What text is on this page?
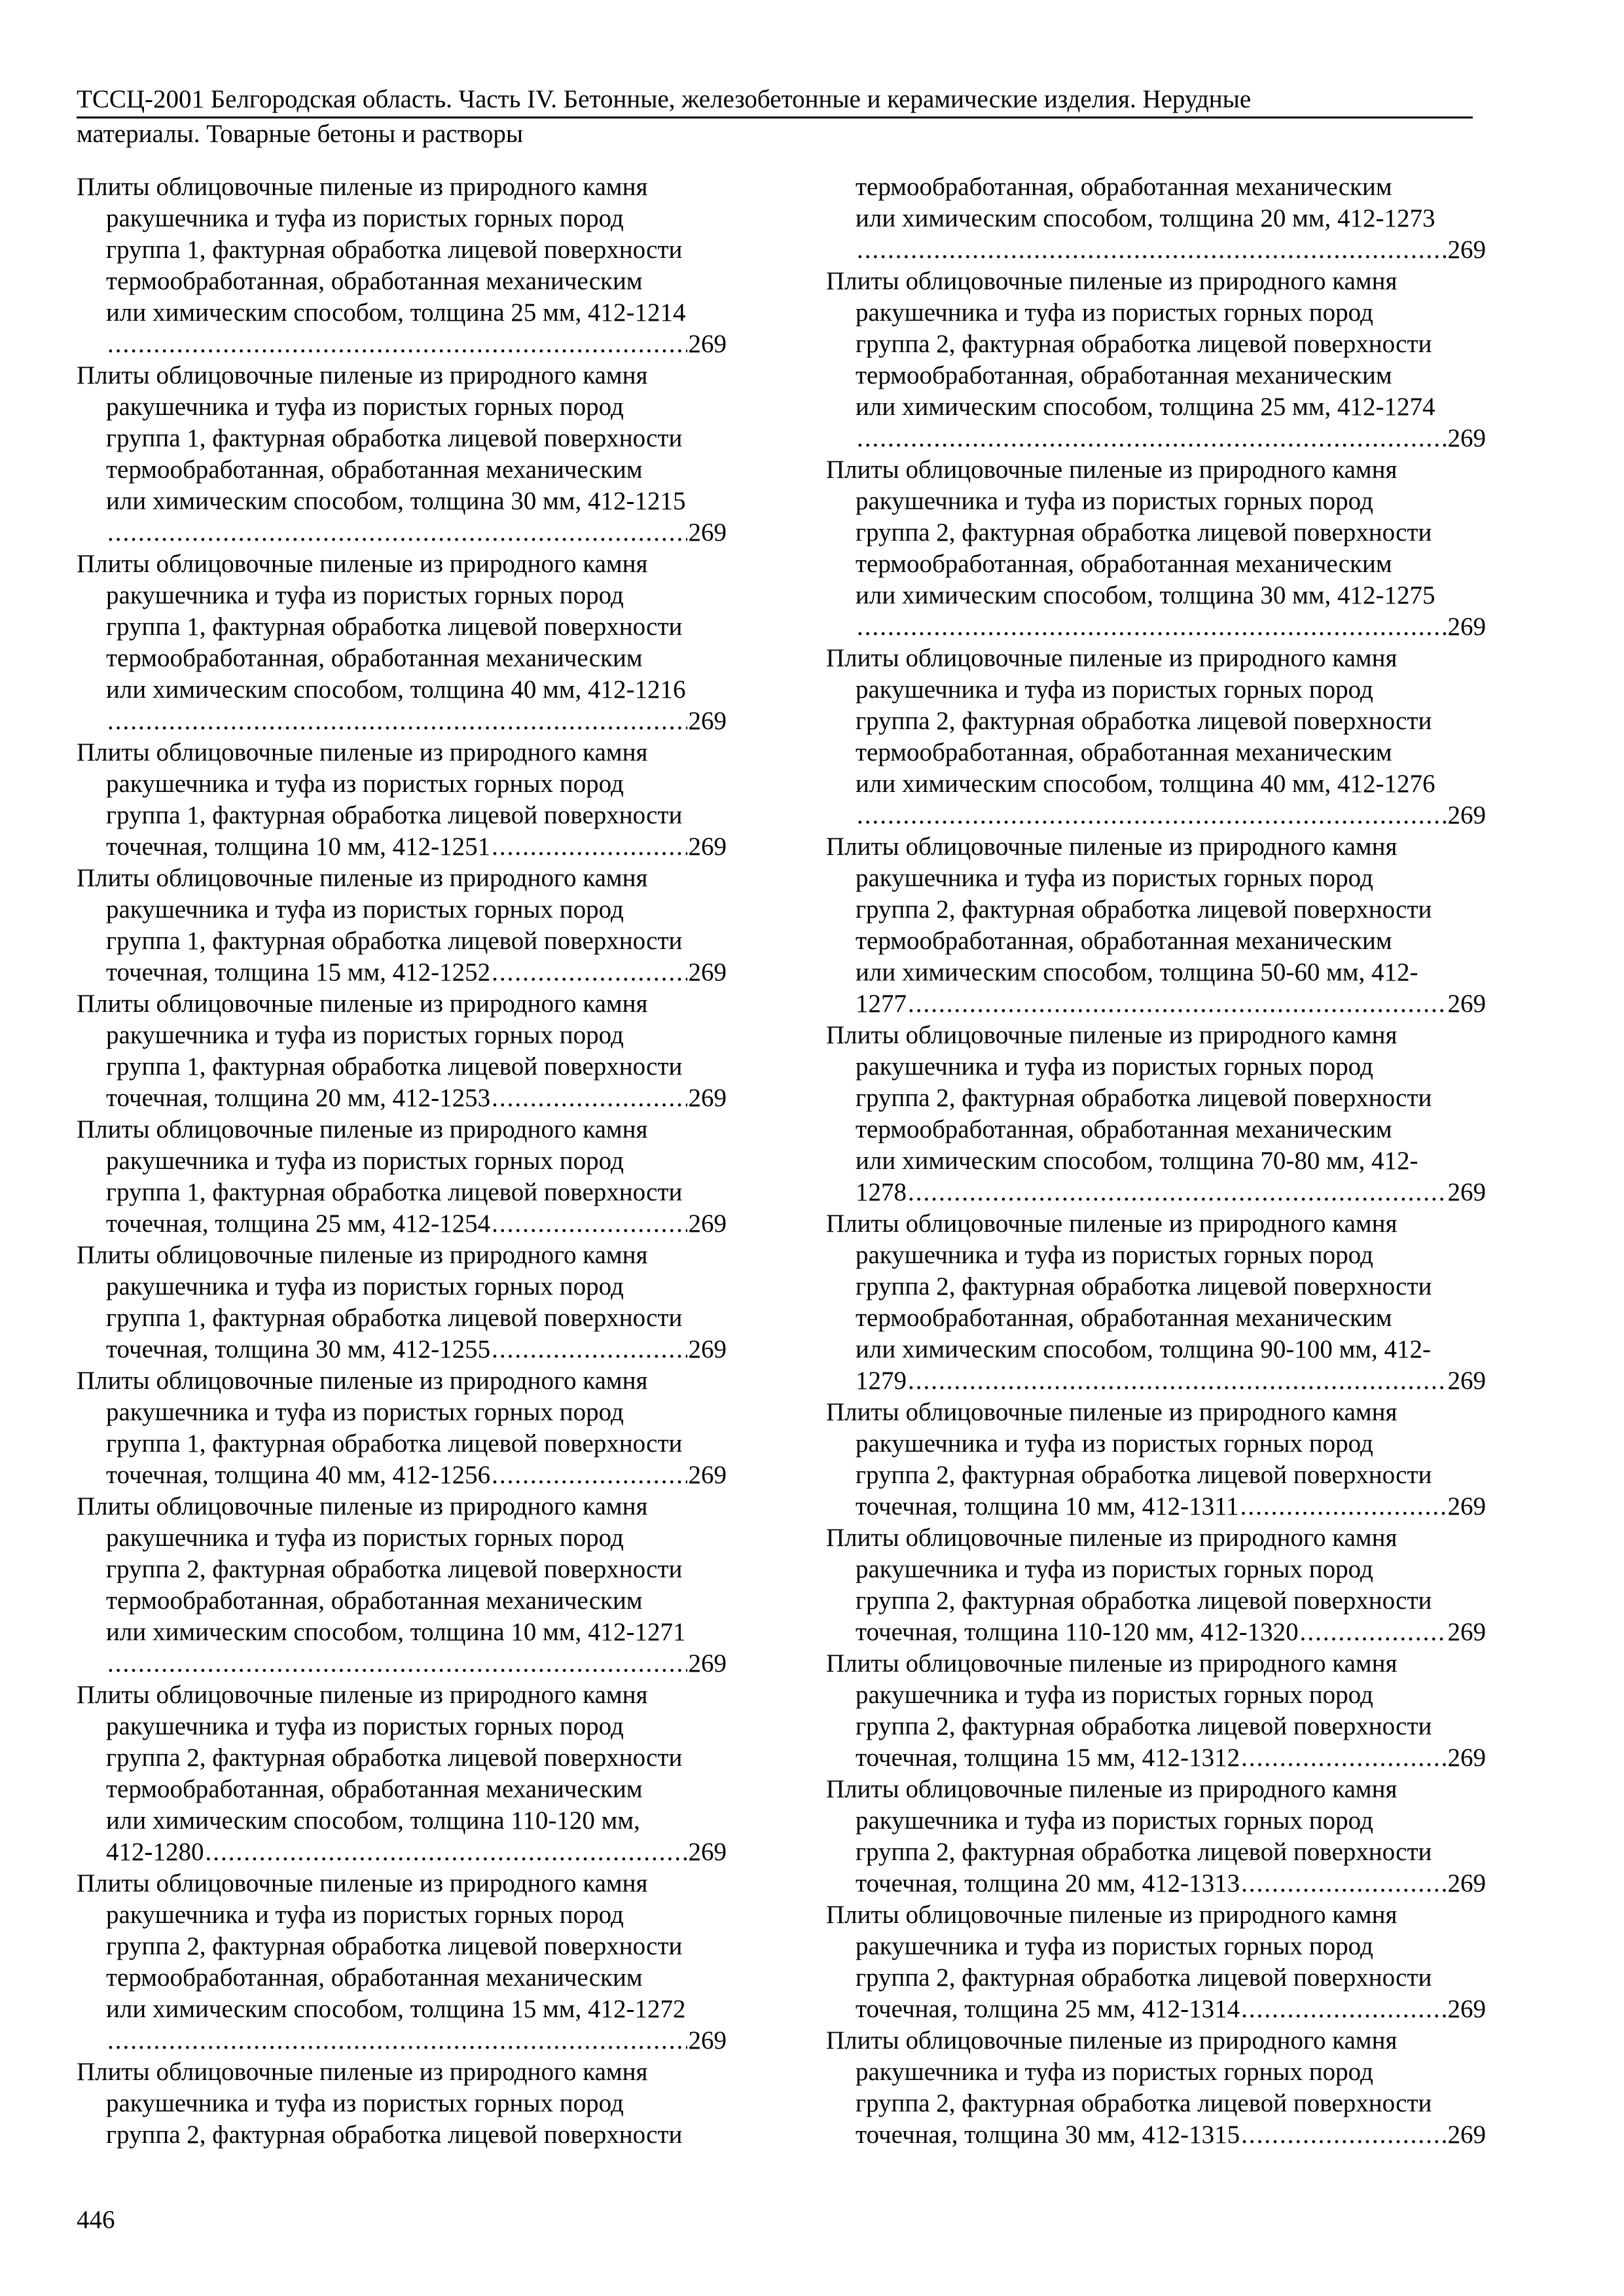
ТССЦ-2001 Белгородская область. Часть IV. Бетонные, железобетонные и керамические изделия. Нерудные
материалы. Товарные бетоны и растворы
Плиты облицовочные пиленые из природного камня
ракушечника и туфа из пористых горных пород
группа 1, фактурная обработка лицевой поверхности
термообработанная, обработанная механическим
или химическим способом, толщина 25 мм, 412-1214
.....
269
Плиты облицовочные пиленые из природного камня
ракушечника и туфа из пористых горных пород
группа 1, фактурная обработка лицевой поверхности
термообработанная, обработанная механическим
или химическим способом, толщина 30 мм, 412-1215
.....
269
Плиты облицовочные пиленые из природного камня
ракушечника и туфа из пористых горных пород
группа 1, фактурная обработка лицевой поверхности
термообработанная, обработанная механическим
или химическим способом, толщина 40 мм, 412-1216
.....
269
Плиты облицовочные пиленые из природного камня
ракушечника и туфа из пористых горных пород
группа 1, фактурная обработка лицевой поверхности
точечная, толщина 10 мм, 412-1251 .....	269
Плиты облицовочные пиленые из природного камня
ракушечника и туфа из пористых горных пород
группа 1, фактурная обработка лицевой поверхности
точечная, толщина 15 мм, 412-1252 .....	269
Плиты облицовочные пиленые из природного камня
ракушечника и туфа из пористых горных пород
группа 1, фактурная обработка лицевой поверхности
точечная, толщина 20 мм, 412-1253 .....	269
Плиты облицовочные пиленые из природного камня
ракушечника и туфа из пористых горных пород
группа 1, фактурная обработка лицевой поверхности
точечная, толщина 25 мм, 412-1254 .....	269
Плиты облицовочные пиленые из природного камня
ракушечника и туфа из пористых горных пород
группа 1, фактурная обработка лицевой поверхности
точечная, толщина 30 мм, 412-1255 .....	269
Плиты облицовочные пиленые из природного камня
ракушечника и туфа из пористых горных пород
группа 1, фактурная обработка лицевой поверхности
точечная, толщина 40 мм, 412-1256 .....	269
Плиты облицовочные пиленые из природного камня
ракушечника и туфа из пористых горных пород
группа 2, фактурная обработка лицевой поверхности
термообработанная, обработанная механическим
или химическим способом, толщина 10 мм, 412-1271
.....
269
Плиты облицовочные пиленые из природного камня
ракушечника и туфа из пористых горных пород
группа 2, фактурная обработка лицевой поверхности
термообработанная, обработанная механическим
или химическим способом, толщина 110-120 мм,
412-1280 .....	269
Плиты облицовочные пиленые из природного камня
ракушечника и туфа из пористых горных пород
группа 2, фактурная обработка лицевой поверхности
термообработанная, обработанная механическим
или химическим способом, толщина 15 мм, 412-1272
.....
269
Плиты облицовочные пиленые из природного камня
ракушечника и туфа из пористых горных пород
группа 2, фактурная обработка лицевой поверхности
термообработанная, обработанная механическим
или химическим способом, толщина 20 мм, 412-1273
.....
269
Плиты облицовочные пиленые из природного камня
ракушечника и туфа из пористых горных пород
группа 2, фактурная обработка лицевой поверхности
термообработанная, обработанная механическим
или химическим способом, толщина 25 мм, 412-1274
.....
269
Плиты облицовочные пиленые из природного камня
ракушечника и туфа из пористых горных пород
группа 2, фактурная обработка лицевой поверхности
термообработанная, обработанная механическим
или химическим способом, толщина 30 мм, 412-1275
.....
269
Плиты облицовочные пиленые из природного камня
ракушечника и туфа из пористых горных пород
группа 2, фактурная обработка лицевой поверхности
термообработанная, обработанная механическим
или химическим способом, толщина 40 мм, 412-1276
.....
269
Плиты облицовочные пиленые из природного камня
ракушечника и туфа из пористых горных пород
группа 2, фактурная обработка лицевой поверхности
термообработанная, обработанная механическим
или химическим способом, толщина 50-60 мм, 412-
1277 .....	269
Плиты облицовочные пиленые из природного камня
ракушечника и туфа из пористых горных пород
группа 2, фактурная обработка лицевой поверхности
термообработанная, обработанная механическим
или химическим способом, толщина 70-80 мм, 412-
1278 .....	269
Плиты облицовочные пиленые из природного камня
ракушечника и туфа из пористых горных пород
группа 2, фактурная обработка лицевой поверхности
термообработанная, обработанная механическим
или химическим способом, толщина 90-100 мм, 412-
1279 .....	269
Плиты облицовочные пиленые из природного камня
ракушечника и туфа из пористых горных пород
группа 2, фактурная обработка лицевой поверхности
точечная, толщина 10 мм, 412-1311 .....	269
Плиты облицовочные пиленые из природного камня
ракушечника и туфа из пористых горных пород
группа 2, фактурная обработка лицевой поверхности
точечная, толщина 110-120 мм, 412-1320 .....	269
Плиты облицовочные пиленые из природного камня
ракушечника и туфа из пористых горных пород
группа 2, фактурная обработка лицевой поверхности
точечная, толщина 15 мм, 412-1312 .....	269
Плиты облицовочные пиленые из природного камня
ракушечника и туфа из пористых горных пород
группа 2, фактурная обработка лицевой поверхности
точечная, толщина 20 мм, 412-1313 .....	269
Плиты облицовочные пиленые из природного камня
ракушечника и туфа из пористых горных пород
группа 2, фактурная обработка лицевой поверхности
точечная, толщина 25 мм, 412-1314 .....	269
Плиты облицовочные пиленые из природного камня
ракушечника и туфа из пористых горных пород
группа 2, фактурная обработка лицевой поверхности
точечная, толщина 30 мм, 412-1315 .....	269
446
